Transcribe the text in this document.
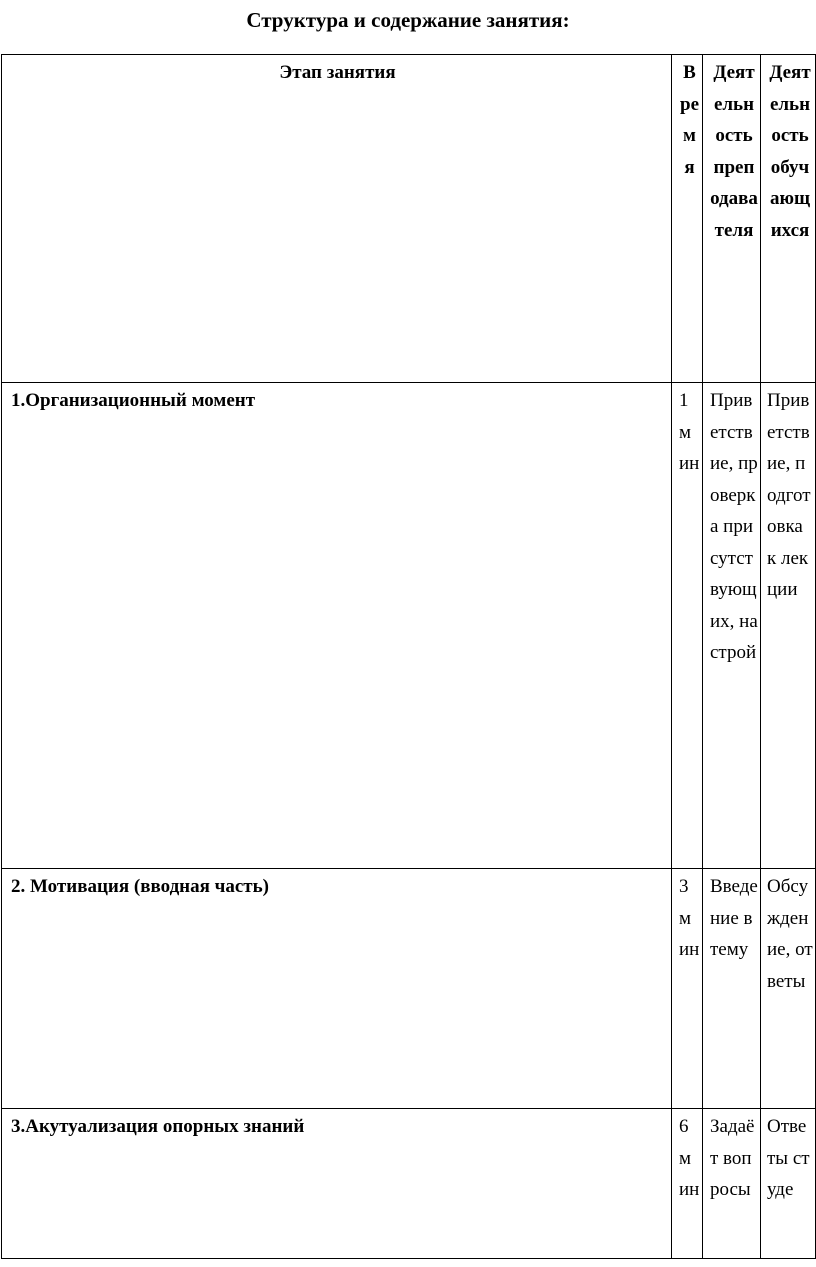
Структура и содержание занятия:
Этап занятия	Время	Деятельность преподавателя	Деятельность обучающихся
1.Организационный момент	1 мин	Приветствие, проверка присутствующих, настрой	Приветствие, подготовка к лекции
2. Мотивация (вводная часть)	3 мин	Введение в тему	Обсуждение, ответы
3.Акутуализация опорных знаний	6 мин	Задаёт вопросы	Ответы студе
